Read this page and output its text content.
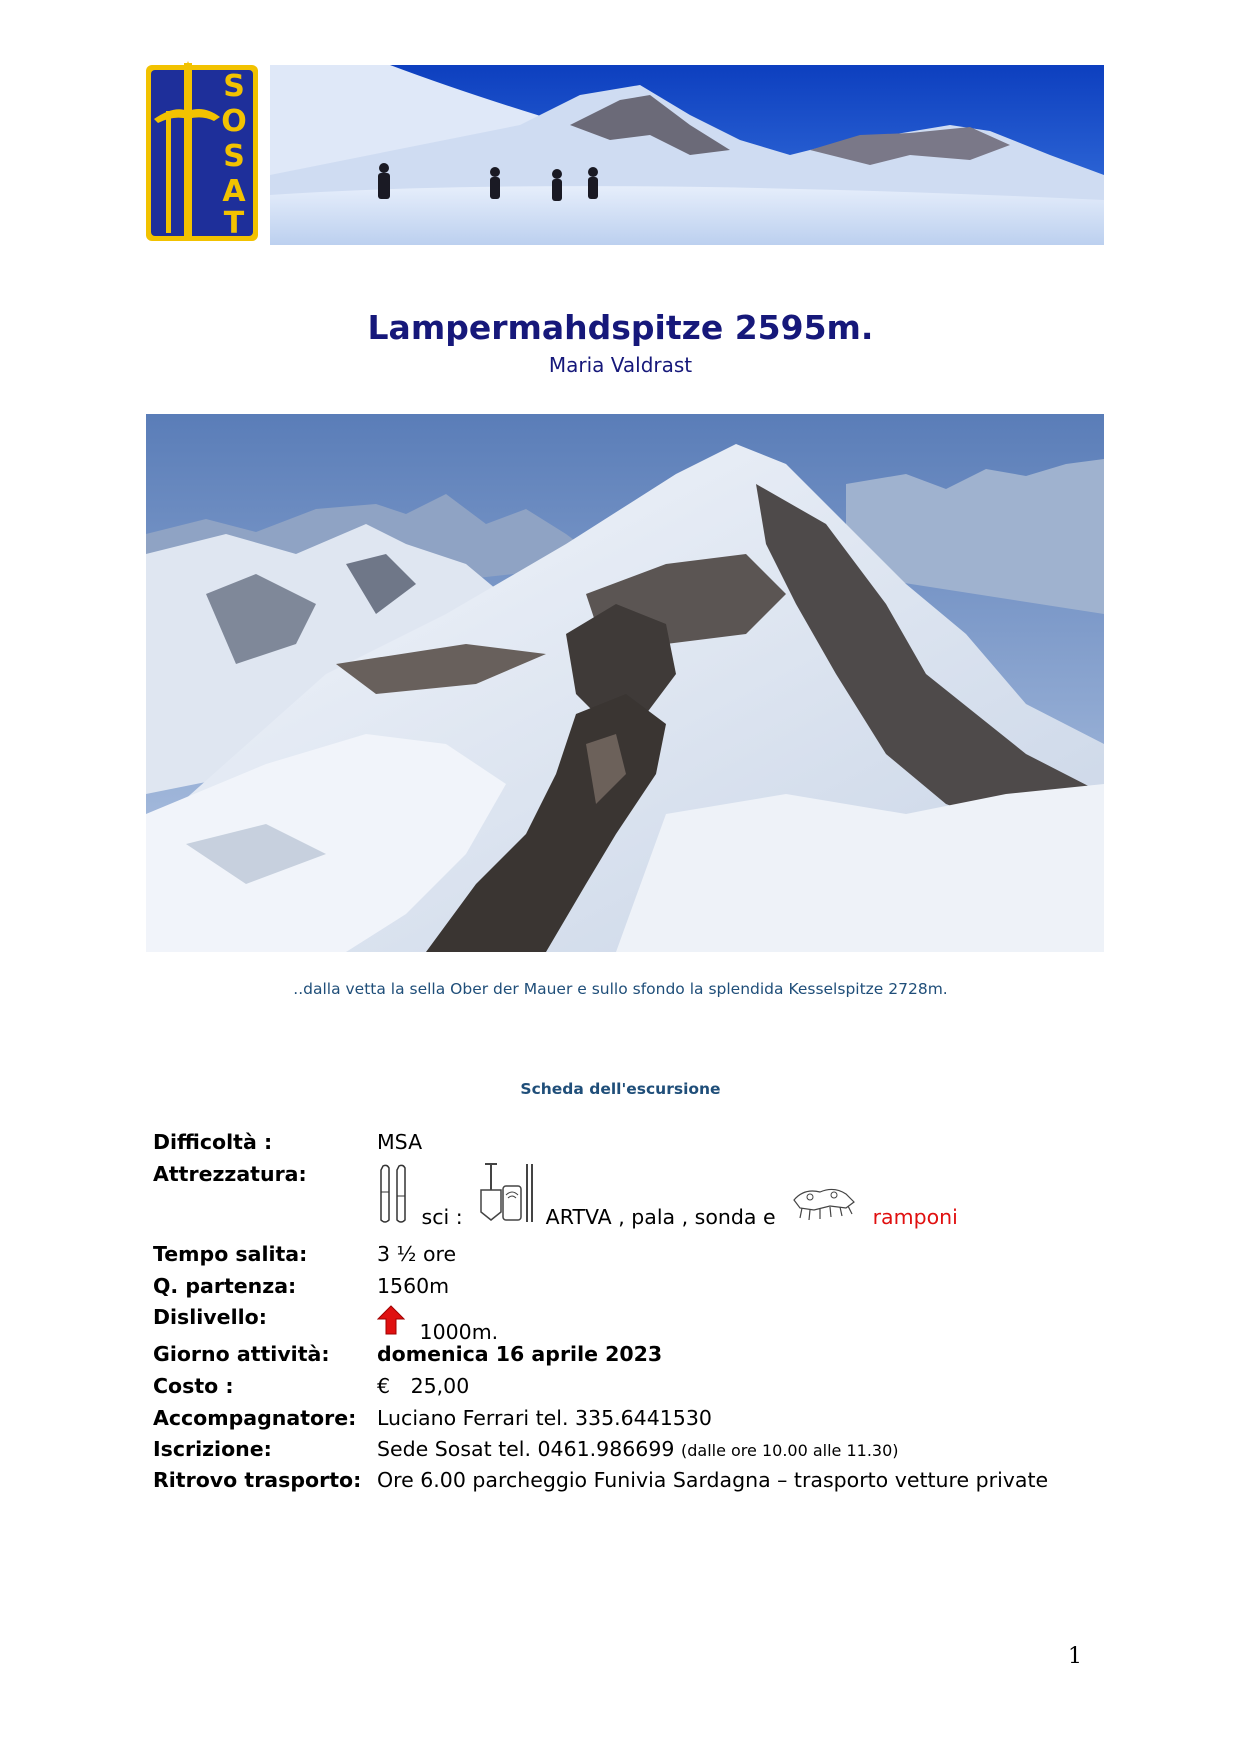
S
O
S
A
T
Lampermahdspitze 2595m.
Maria Valdrast
..dalla vetta la sella Ober der Mauer e sullo sfondo la splendida Kesselspitze 2728m.
Scheda dell'escursione
Difficoltà :	MSA
Attrezzatura:
sci :	ARTVA , pala , sonda e	ramponi
Tempo salita:	3 ½ ore
Q. partenza:	1560m
Dislivello:
1000m.
Giorno attività: domenica 16 aprile 2023
Costo :	€ 25,00
Accompagnatore: Luciano Ferrari tel. 335.6441530
Iscrizione:	Sede Sosat tel. 0461.986699 (dalle ore 10.00 alle 11.30)
Ritrovo trasporto: Ore 6.00 parcheggio Funivia Sardagna – trasporto vetture private
1
